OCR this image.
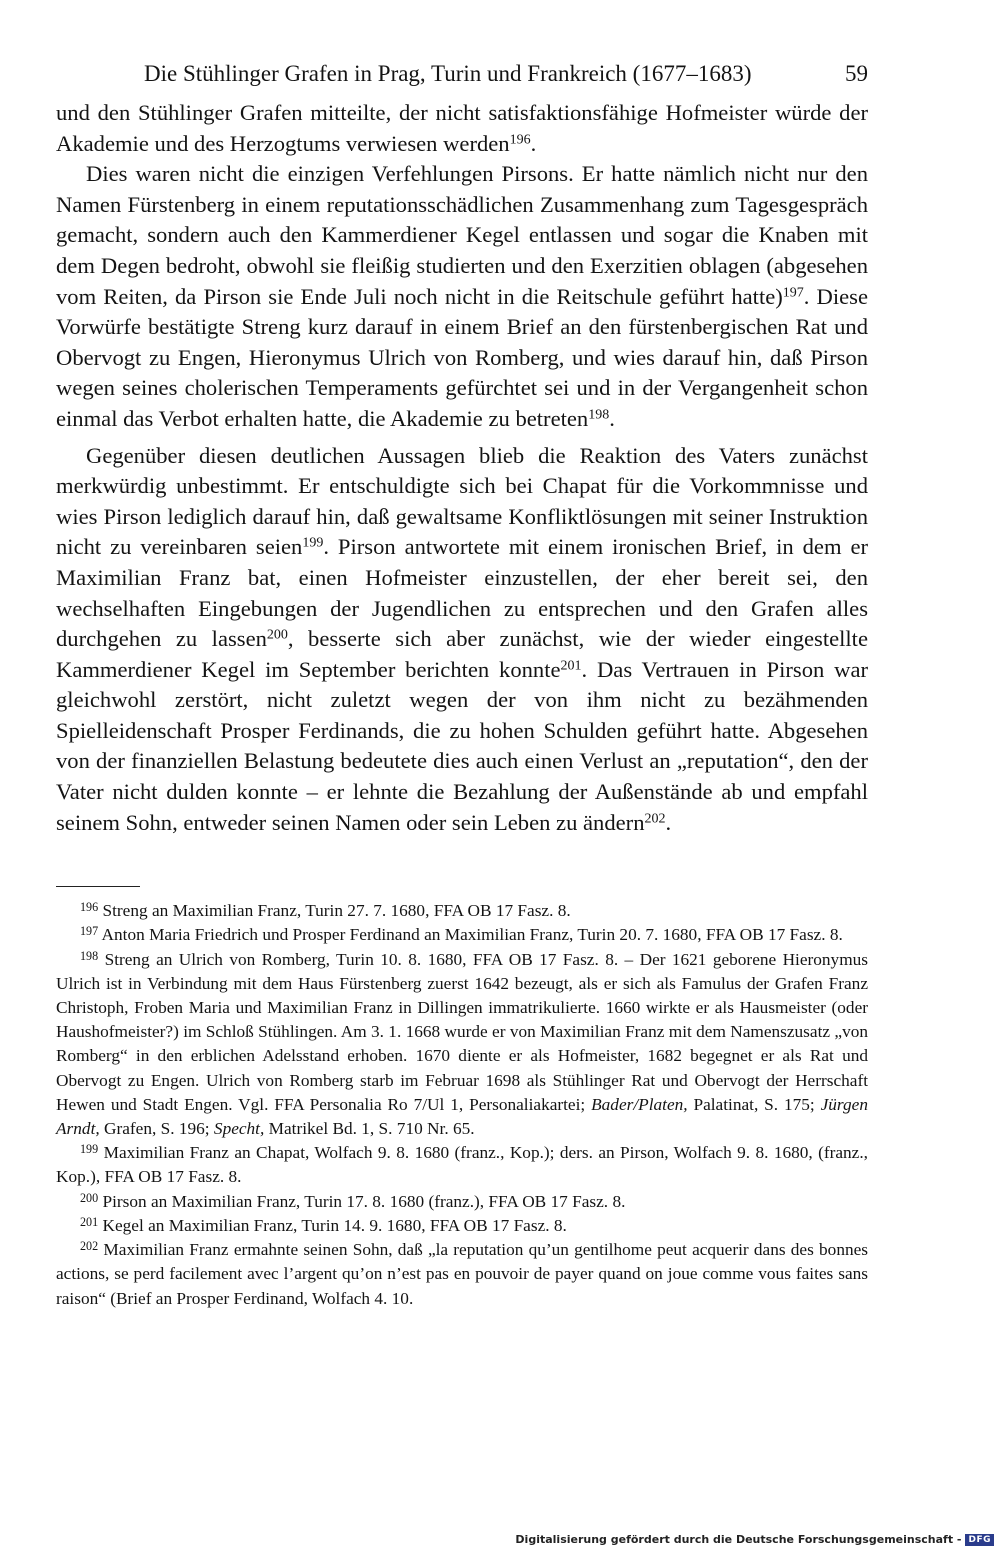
Die Stühlinger Grafen in Prag, Turin und Frankreich (1677–1683)	59

und den Stühlinger Grafen mitteilte, der nicht satisfaktionsfähige Hofmeister würde der Akademie und des Herzogtums verwiesen werden$^{196}$.

Dies waren nicht die einzigen Verfehlungen Pirsons. Er hatte nämlich nicht nur den Namen Fürstenberg in einem reputationsschädlichen Zusammenhang zum Tagesgespräch gemacht, sondern auch den Kammerdiener Kegel entlassen und sogar die Knaben mit dem Degen bedroht, obwohl sie fleißig studierten und den Exerzitien oblagen (abgesehen vom Reiten, da Pirson sie Ende Juli noch nicht in die Reitschule geführt hatte)$^{197}$. Diese Vorwürfe bestätigte Streng kurz darauf in einem Brief an den fürstenbergischen Rat und Obervogt zu Engen, Hieronymus Ulrich von Romberg, und wies darauf hin, daß Pirson wegen seines cholerischen Temperaments gefürchtet sei und in der Vergangenheit schon einmal das Verbot erhalten hatte, die Akademie zu betreten$^{198}$.

Gegenüber diesen deutlichen Aussagen blieb die Reaktion des Vaters zunächst merkwürdig unbestimmt. Er entschuldigte sich bei Chapat für die Vorkommnisse und wies Pirson lediglich darauf hin, daß gewaltsame Konfliktlösungen mit seiner Instruktion nicht zu vereinbaren seien$^{199}$. Pirson antwortete mit einem ironischen Brief, in dem er Maximilian Franz bat, einen Hofmeister einzustellen, der eher bereit sei, den wechselhaften Eingebungen der Jugendlichen zu entsprechen und den Grafen alles durchgehen zu lassen$^{200}$, besserte sich aber zunächst, wie der wieder eingestellte Kammerdiener Kegel im September berichten konnte$^{201}$. Das Vertrauen in Pirson war gleichwohl zerstört, nicht zuletzt wegen der von ihm nicht zu bezähmenden Spielleidenschaft Prosper Ferdinands, die zu hohen Schulden geführt hatte. Abgesehen von der finanziellen Belastung bedeutete dies auch einen Verlust an „reputation“, den der Vater nicht dulden konnte – er lehnte die Bezahlung der Außenstände ab und empfahl seinem Sohn, entweder seinen Namen oder sein Leben zu ändern$^{202}$.

$^{196}$ Streng an Maximilian Franz, Turin 27. 7. 1680, FFA OB 17 Fasz. 8.

$^{197}$ Anton Maria Friedrich und Prosper Ferdinand an Maximilian Franz, Turin 20. 7. 1680, FFA OB 17 Fasz. 8.

$^{198}$ Streng an Ulrich von Romberg, Turin 10. 8. 1680, FFA OB 17 Fasz. 8. – Der 1621 geborene Hieronymus Ulrich ist in Verbindung mit dem Haus Fürstenberg zuerst 1642 bezeugt, als er sich als Famulus der Grafen Franz Christoph, Froben Maria und Maximilian Franz in Dillingen immatrikulierte. 1660 wirkte er als Hausmeister (oder Haushofmeister?) im Schloß Stühlingen. Am 3. 1. 1668 wurde er von Maximilian Franz mit dem Namenszusatz „von Romberg“ in den erblichen Adelsstand erhoben. 1670 diente er als Hofmeister, 1682 begegnet er als Rat und Obervogt zu Engen. Ulrich von Romberg starb im Februar 1698 als Stühlinger Rat und Obervogt der Herrschaft Hewen und Stadt Engen. Vgl. FFA Personalia Ro 7/Ul 1, Personaliakartei; Bader/Platen, Palatinat, S. 175; Jürgen Arndt, Grafen, S. 196; Specht, Matrikel Bd. 1, S. 710 Nr. 65.

$^{199}$ Maximilian Franz an Chapat, Wolfach 9. 8. 1680 (franz., Kop.); ders. an Pirson, Wolfach 9. 8. 1680, (franz., Kop.), FFA OB 17 Fasz. 8.

$^{200}$ Pirson an Maximilian Franz, Turin 17. 8. 1680 (franz.), FFA OB 17 Fasz. 8.

$^{201}$ Kegel an Maximilian Franz, Turin 14. 9. 1680, FFA OB 17 Fasz. 8.

$^{202}$ Maximilian Franz ermahnte seinen Sohn, daß „la reputation qu’un gentilhome peut acquerir dans des bonnes actions, se perd facilement avec l’argent qu’on n’est pas en pouvoir de payer quand on joue comme vous faites sans raison“ (Brief an Prosper Ferdinand, Wolfach 4. 10.

Digitalisierung gefördert durch die Deutsche Forschungsgemeinschaft - DFG
